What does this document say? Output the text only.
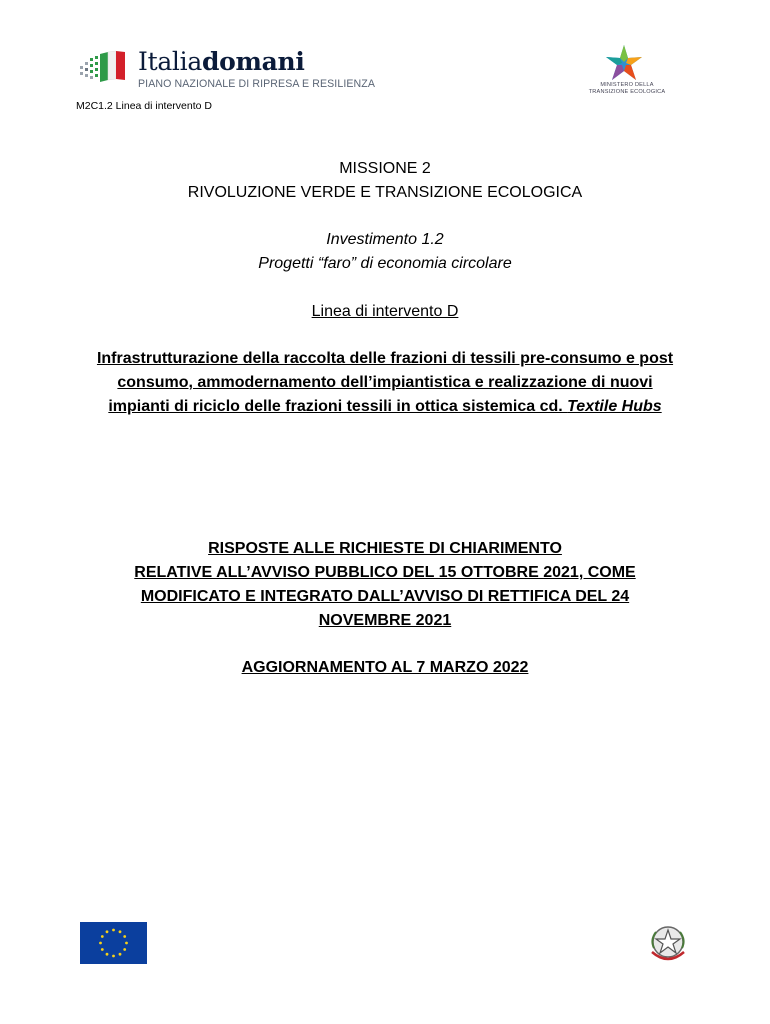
Italiadomani
PIANO NAZIONALE DI RIPRESA E RESILIENZA	MINISTERO DELLA
TRANSIZIONE ECOLOGICA
M2C1.2 Linea di intervento D
MISSIONE 2
RIVOLUZIONE VERDE E TRANSIZIONE ECOLOGICA
Investimento 1.2
Progetti “faro” di economia circolare
Linea di intervento D
Infrastrutturazione della raccolta delle frazioni di tessili pre-consumo e post
consumo, ammodernamento dell’impiantistica e realizzazione di nuovi
impianti di riciclo delle frazioni tessili in ottica sistemica cd. Textile Hubs
RISPOSTE ALLE RICHIESTE DI CHIARIMENTO
RELATIVE ALL’AVVISO PUBBLICO DEL 15 OTTOBRE 2021, COME
MODIFICATO E INTEGRATO DALL’AVVISO DI RETTIFICA DEL 24
NOVEMBRE 2021
AGGIORNAMENTO AL 7 MARZO 2022
